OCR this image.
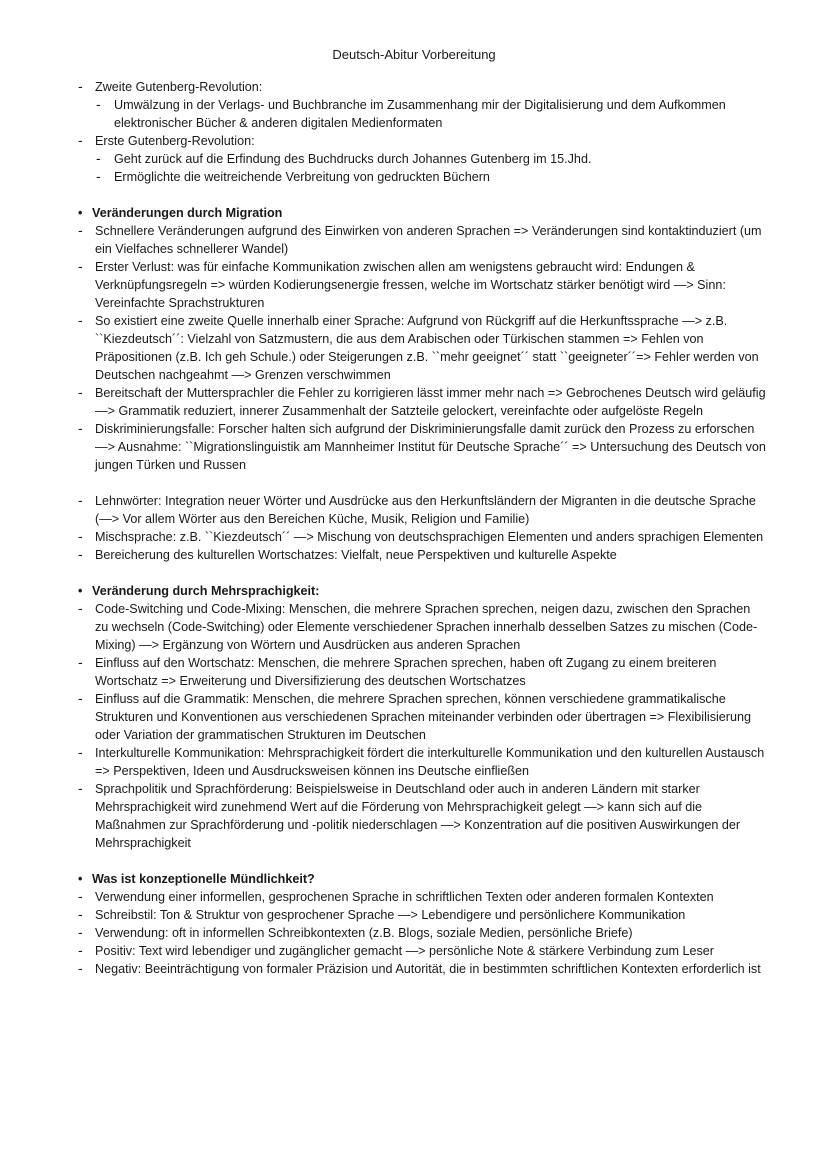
Deutsch-Abitur Vorbereitung
- Zweite Gutenberg-Revolution:
- Umwälzung in der Verlags- und Buchbranche im Zusammenhang mir der Digitalisierung und dem Aufkommen elektronischer Bücher & anderen digitalen Medienformaten
- Erste Gutenberg-Revolution:
- Geht zurück auf die Erfindung des Buchdrucks durch Johannes Gutenberg im 15.Jhd.
- Ermöglichte die weitreichende Verbreitung von gedruckten Büchern
• Veränderungen durch Migration
- Schnellere Veränderungen aufgrund des Einwirken von anderen Sprachen => Veränderungen sind kontaktinduziert (um ein Vielfaches schnellerer Wandel)
- Erster Verlust: was für einfache Kommunikation zwischen allen am wenigstens gebraucht wird: Endungen & Verknüpfungsregeln => würden Kodierungsenergie fressen, welche im Wortschatz stärker benötigt wird —> Sinn: Vereinfachte Sprachstrukturen
- So existiert eine zweite Quelle innerhalb einer Sprache: Aufgrund von Rückgriff auf die Herkunftssprache —> z.B. ``Kiezdeutsch´´: Vielzahl von Satzmustern, die aus dem Arabischen oder Türkischen stammen => Fehlen von Präpositionen (z.B. Ich geh Schule.) oder Steigerungen z.B. ``mehr geeignet´´ statt ``geeigneter´´=> Fehler werden von Deutschen nachgeahmt —> Grenzen verschwimmen
- Bereitschaft der Muttersprachler die Fehler zu korrigieren lässt immer mehr nach => Gebrochenes Deutsch wird geläufig —> Grammatik reduziert, innerer Zusammenhalt der Satzteile gelockert, vereinfachte oder aufgelöste Regeln
- Diskriminierungsfalle: Forscher halten sich aufgrund der Diskriminierungsfalle damit zurück den Prozess zu erforschen —> Ausnahme: ``Migrationslinguistik am Mannheimer Institut für Deutsche Sprache´´ => Untersuchung des Deutsch von jungen Türken und Russen
- Lehnwörter: Integration neuer Wörter und Ausdrücke aus den Herkunftsländern der Migranten in die deutsche Sprache (—> Vor allem Wörter aus den Bereichen Küche, Musik, Religion und Familie)
- Mischsprache: z.B. ``Kiezdeutsch´´ —> Mischung von deutschsprachigen Elementen und anders sprachigen Elementen
- Bereicherung des kulturellen Wortschatzes: Vielfalt, neue Perspektiven und kulturelle Aspekte
• Veränderung durch Mehrsprachigkeit:
- Code-Switching und Code-Mixing: Menschen, die mehrere Sprachen sprechen, neigen dazu, zwischen den Sprachen zu wechseln (Code-Switching) oder Elemente verschiedener Sprachen innerhalb desselben Satzes zu mischen (Code-Mixing) —> Ergänzung von Wörtern und Ausdrücken aus anderen Sprachen
- Einfluss auf den Wortschatz: Menschen, die mehrere Sprachen sprechen, haben oft Zugang zu einem breiteren Wortschatz => Erweiterung und Diversifizierung des deutschen Wortschatzes
- Einfluss auf die Grammatik: Menschen, die mehrere Sprachen sprechen, können verschiedene grammatikalische Strukturen und Konventionen aus verschiedenen Sprachen miteinander verbinden oder übertragen => Flexibilisierung oder Variation der grammatischen Strukturen im Deutschen
- Interkulturelle Kommunikation: Mehrsprachigkeit fördert die interkulturelle Kommunikation und den kulturellen Austausch => Perspektiven, Ideen und Ausdrucksweisen können ins Deutsche einfließen
- Sprachpolitik und Sprachförderung: Beispielsweise in Deutschland oder auch in anderen Ländern mit starker Mehrsprachigkeit wird zunehmend Wert auf die Förderung von Mehrsprachigkeit gelegt —> kann sich auf die Maßnahmen zur Sprachförderung und -politik niederschlagen —> Konzentration auf die positiven Auswirkungen der Mehrsprachigkeit
• Was ist konzeptionelle Mündlichkeit?
- Verwendung einer informellen, gesprochenen Sprache in schriftlichen Texten oder anderen formalen Kontexten
- Schreibstil: Ton & Struktur von gesprochener Sprache —> Lebendigere und persönlichere Kommunikation
- Verwendung: oft in informellen Schreibkontexten (z.B. Blogs, soziale Medien, persönliche Briefe)
- Positiv: Text wird lebendiger und zugänglicher gemacht —> persönliche Note & stärkere Verbindung zum Leser
- Negativ: Beeinträchtigung von formaler Präzision und Autorität, die in bestimmten schriftlichen Kontexten erforderlich ist
